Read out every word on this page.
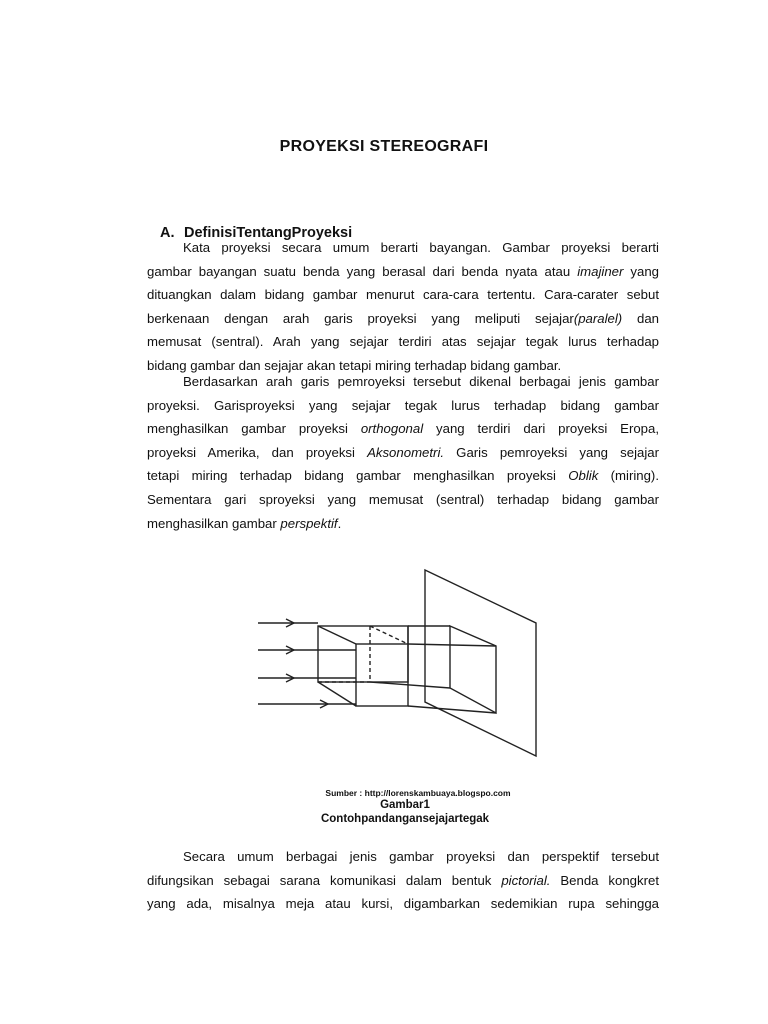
PROYEKSI STEREOGRAFI
A. DefinisiTentangProyeksi
Kata proyeksi secara umum berarti bayangan. Gambar proyeksi berarti
gambar bayangan suatu benda yang berasal dari benda nyata atau imajiner yang
dituangkan dalam bidang gambar menurut cara-cara tertentu. Cara-carater sebut
berkenaan dengan arah garis proyeksi yang meliputi sejajar(paralel) dan
memusat (sentral). Arah yang sejajar terdiri atas sejajar tegak lurus terhadap
bidang gambar dan sejajar akan tetapi miring terhadap bidang gambar.
Berdasarkan arah garis pemroyeksi tersebut dikenal berbagai jenis gambar
proyeksi. Garisproyeksi yang sejajar tegak lurus terhadap bidang gambar
menghasilkan gambar proyeksi orthogonal yang terdiri dari proyeksi Eropa,
proyeksi Amerika, dan proyeksi Aksonometri. Garis pemroyeksi yang sejajar
tetapi miring terhadap bidang gambar menghasilkan proyeksi Oblik (miring).
Sementara gari sproyeksi yang memusat (sentral) terhadap bidang gambar
menghasilkan gambar perspektif.
Sumber : http://lorenskambuaya.blogspo.com
Gambar1
Contohpandangansejajartegak
Secara umum berbagai jenis gambar proyeksi dan perspektif tersebut
difungsikan sebagai sarana komunikasi dalam bentuk pictorial. Benda kongkret
yang ada, misalnya meja atau kursi, digambarkan sedemikian rupa sehingga
